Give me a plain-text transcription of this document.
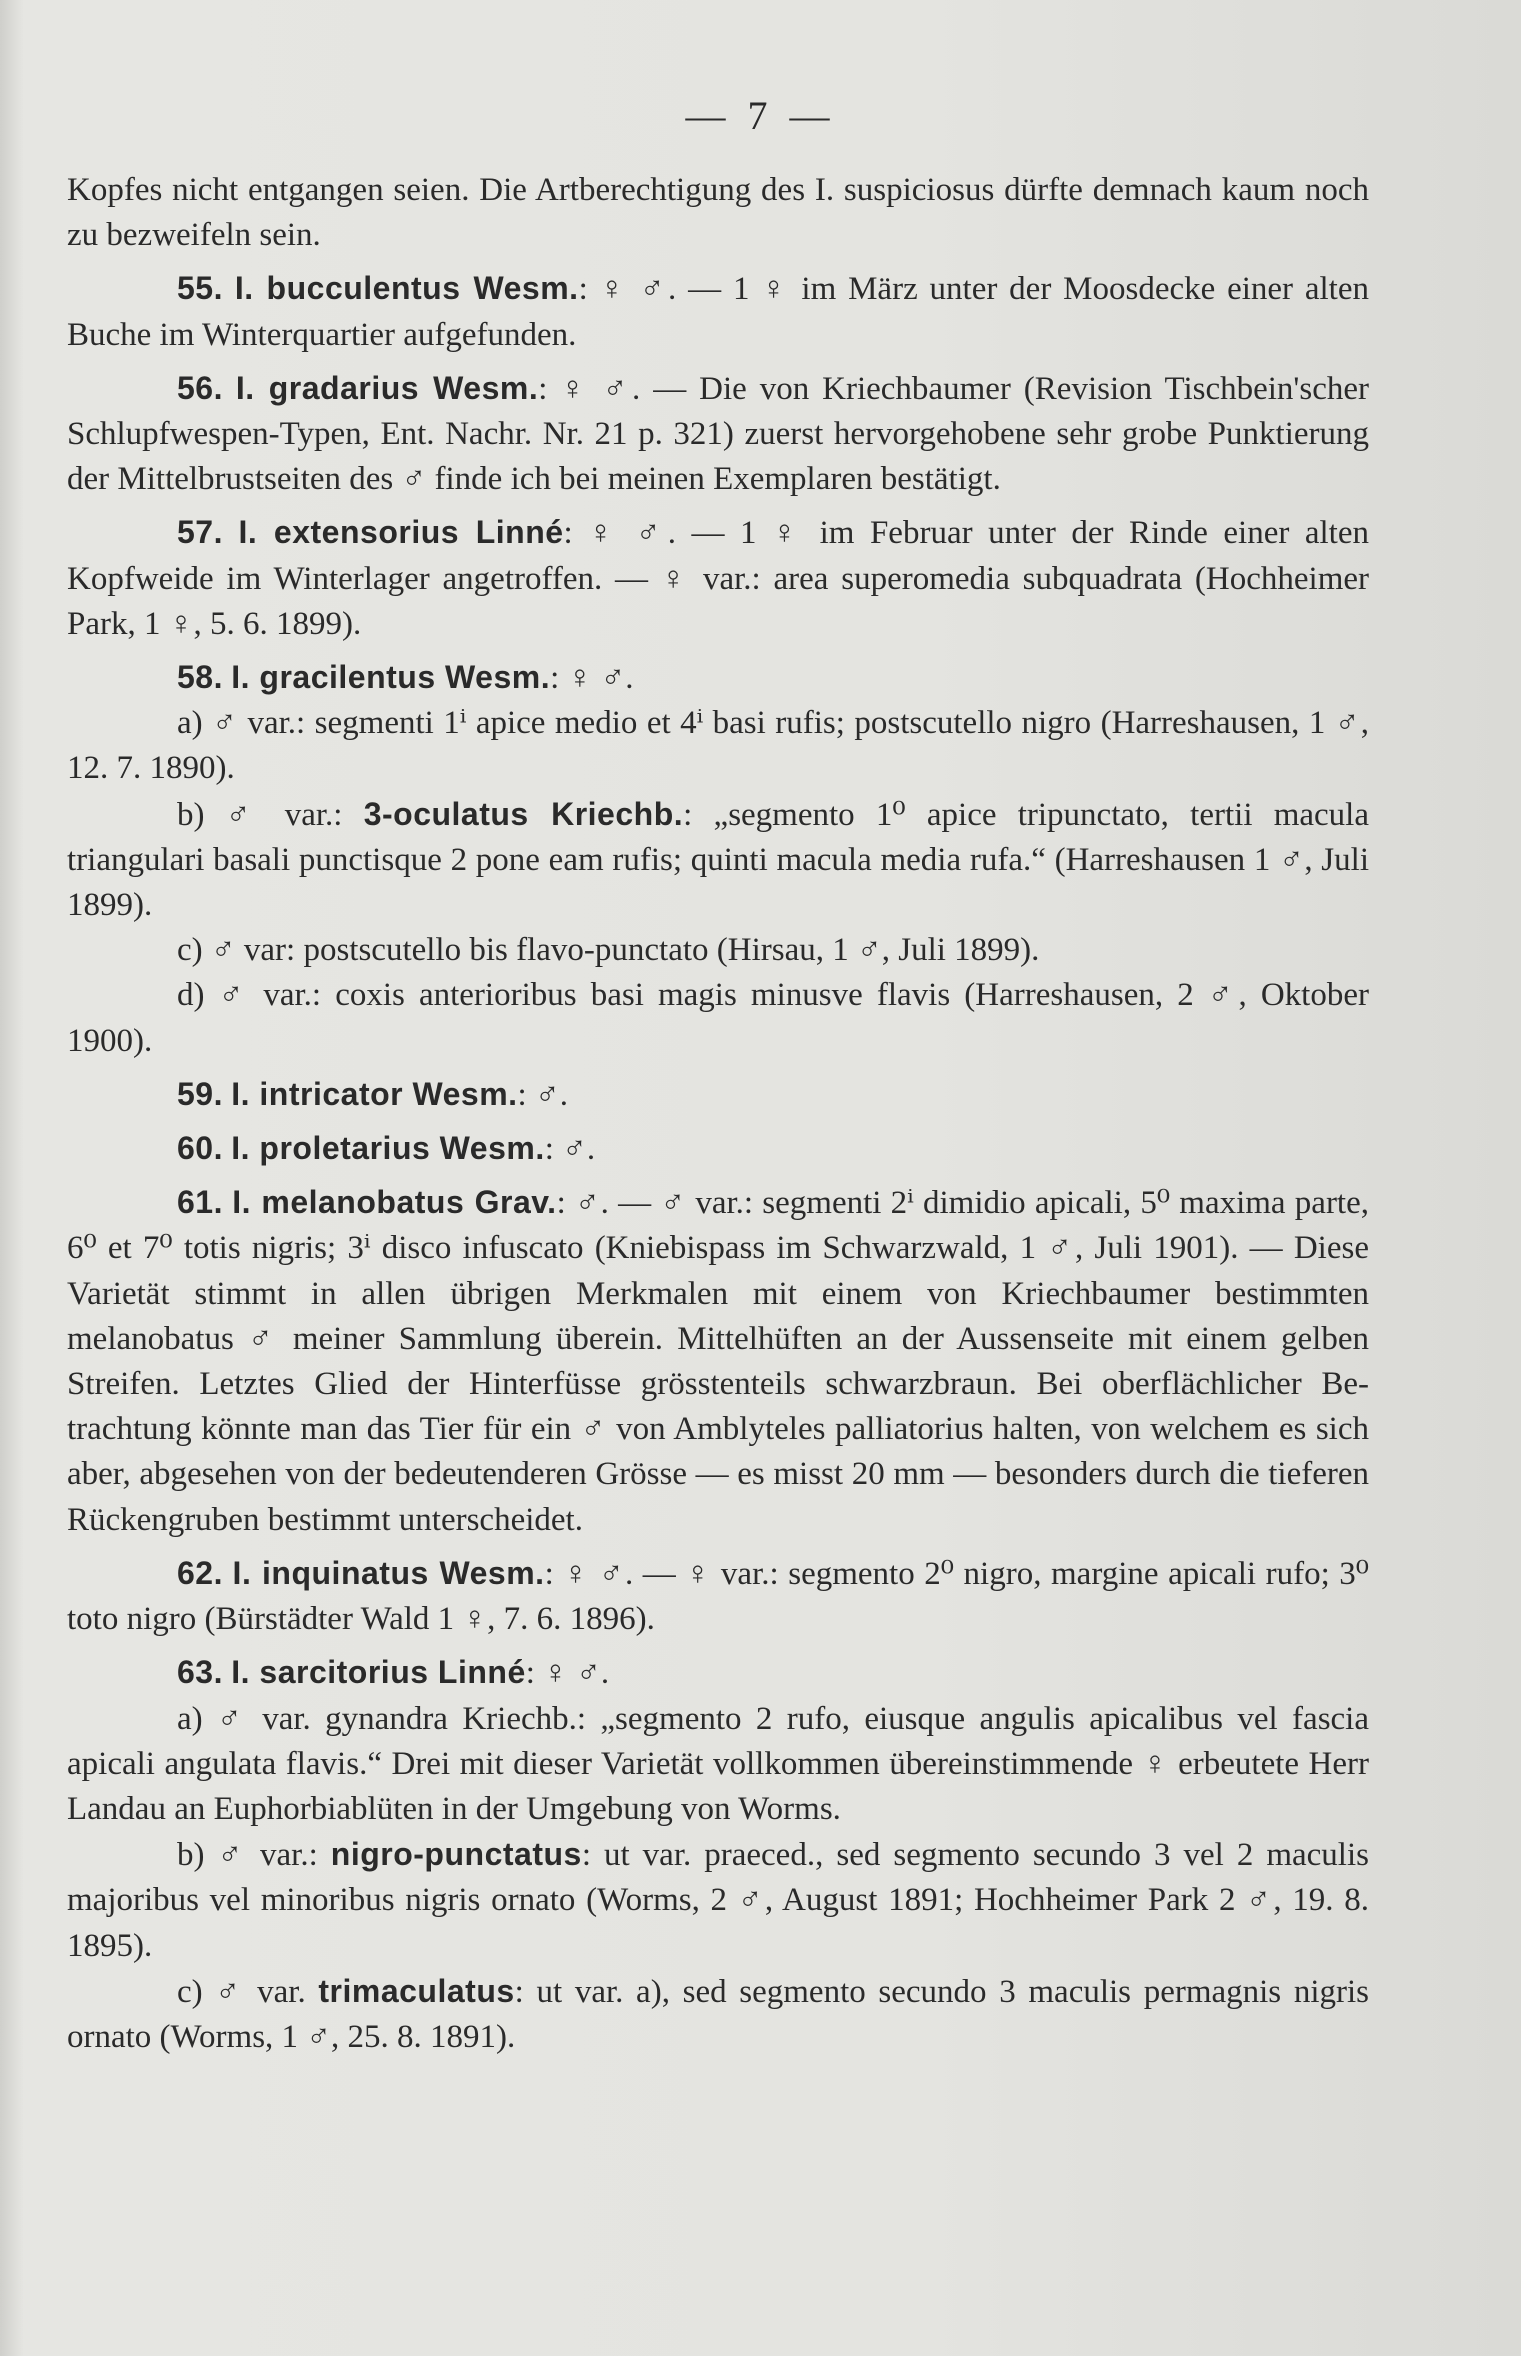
— 7 —

Kopfes nicht entgangen seien. Die Artberechtigung des I. suspiciosus dürfte demnach kaum noch zu bezweifeln sein.

55. I. bucculentus Wesm.: ♀ ♂. — 1 ♀ im März unter der Moosdecke einer alten Buche im Winterquartier aufgefunden.

56. I. gradarius Wesm.: ♀ ♂. — Die von Kriechbaumer (Revision Tischbein'scher Schlupfwespen-Typen, Ent. Nachr. Nr. 21 p. 321) zuerst hervorgehobene sehr grobe Punktierung der Mittelbrustseiten des ♂ finde ich bei meinen Exemplaren bestätigt.

57. I. extensorius Linné: ♀ ♂. — 1 ♀ im Februar unter der Rinde einer alten Kopfweide im Winterlager angetroffen. — ♀ var.: area superomedia subquadrata (Hochheimer Park, 1 ♀, 5. 6. 1899).

58. I. gracilentus Wesm.: ♀ ♂.

a) ♂ var.: segmenti 1ⁱ apice medio et 4ⁱ basi rufis; postscutello nigro (Harreshausen, 1 ♂, 12. 7. 1890).

b) ♂ var.: 3-oculatus Kriechb.: „segmento 1⁰ apice tripunctato, tertii macula triangulari basali punctisque 2 pone eam rufis; quinti macula media rufa.“ (Harreshausen 1 ♂, Juli 1899).

c) ♂ var: postscutello bis flavo-punctato (Hirsau, 1 ♂, Juli 1899).

d) ♂ var.: coxis anterioribus basi magis minusve flavis (Harreshausen, 2 ♂, Oktober 1900).

59. I. intricator Wesm.: ♂.

60. I. proletarius Wesm.: ♂.

61. I. melanobatus Grav.: ♂. — ♂ var.: segmenti 2ⁱ dimidio apicali, 5⁰ maxima parte, 6⁰ et 7⁰ totis nigris; 3ⁱ disco infuscato (Kniebispass im Schwarzwald, 1 ♂, Juli 1901). — Diese Varietät stimmt in allen übrigen Merkmalen mit einem von Kriechbaumer bestimmten melanobatus ♂ meiner Sammlung überein. Mittelhüften an der Aussenseite mit einem gelben Streifen. Letztes Glied der Hinterfüsse grösstenteils schwarzbraun. Bei oberflächlicher Betrachtung könnte man das Tier für ein ♂ von Amblyteles palliatorius halten, von welchem es sich aber, abgesehen von der bedeutenderen Grösse — es misst 20 mm — besonders durch die tieferen Rückengruben bestimmt unterscheidet.

62. I. inquinatus Wesm.: ♀ ♂. — ♀ var.: segmento 2⁰ nigro, margine apicali rufo; 3⁰ toto nigro (Bürstädter Wald 1 ♀, 7. 6. 1896).

63. I. sarcitorius Linné: ♀ ♂.

a) ♂ var. gynandra Kriechb.: „segmento 2 rufo, eiusque angulis apicalibus vel fascia apicali angulata flavis.“ Drei mit dieser Varietät vollkommen übereinstimmende ♀ erbeutete Herr Landau an Euphorbiablüten in der Umgebung von Worms.

b) ♂ var.: nigro-punctatus: ut var. praeced., sed segmento secundo 3 vel 2 maculis majoribus vel minoribus nigris ornato (Worms, 2 ♂, August 1891; Hochheimer Park 2 ♂, 19. 8. 1895).

c) ♂ var. trimaculatus: ut var. a), sed segmento secundo 3 maculis permagnis nigris ornato (Worms, 1 ♂, 25. 8. 1891).
